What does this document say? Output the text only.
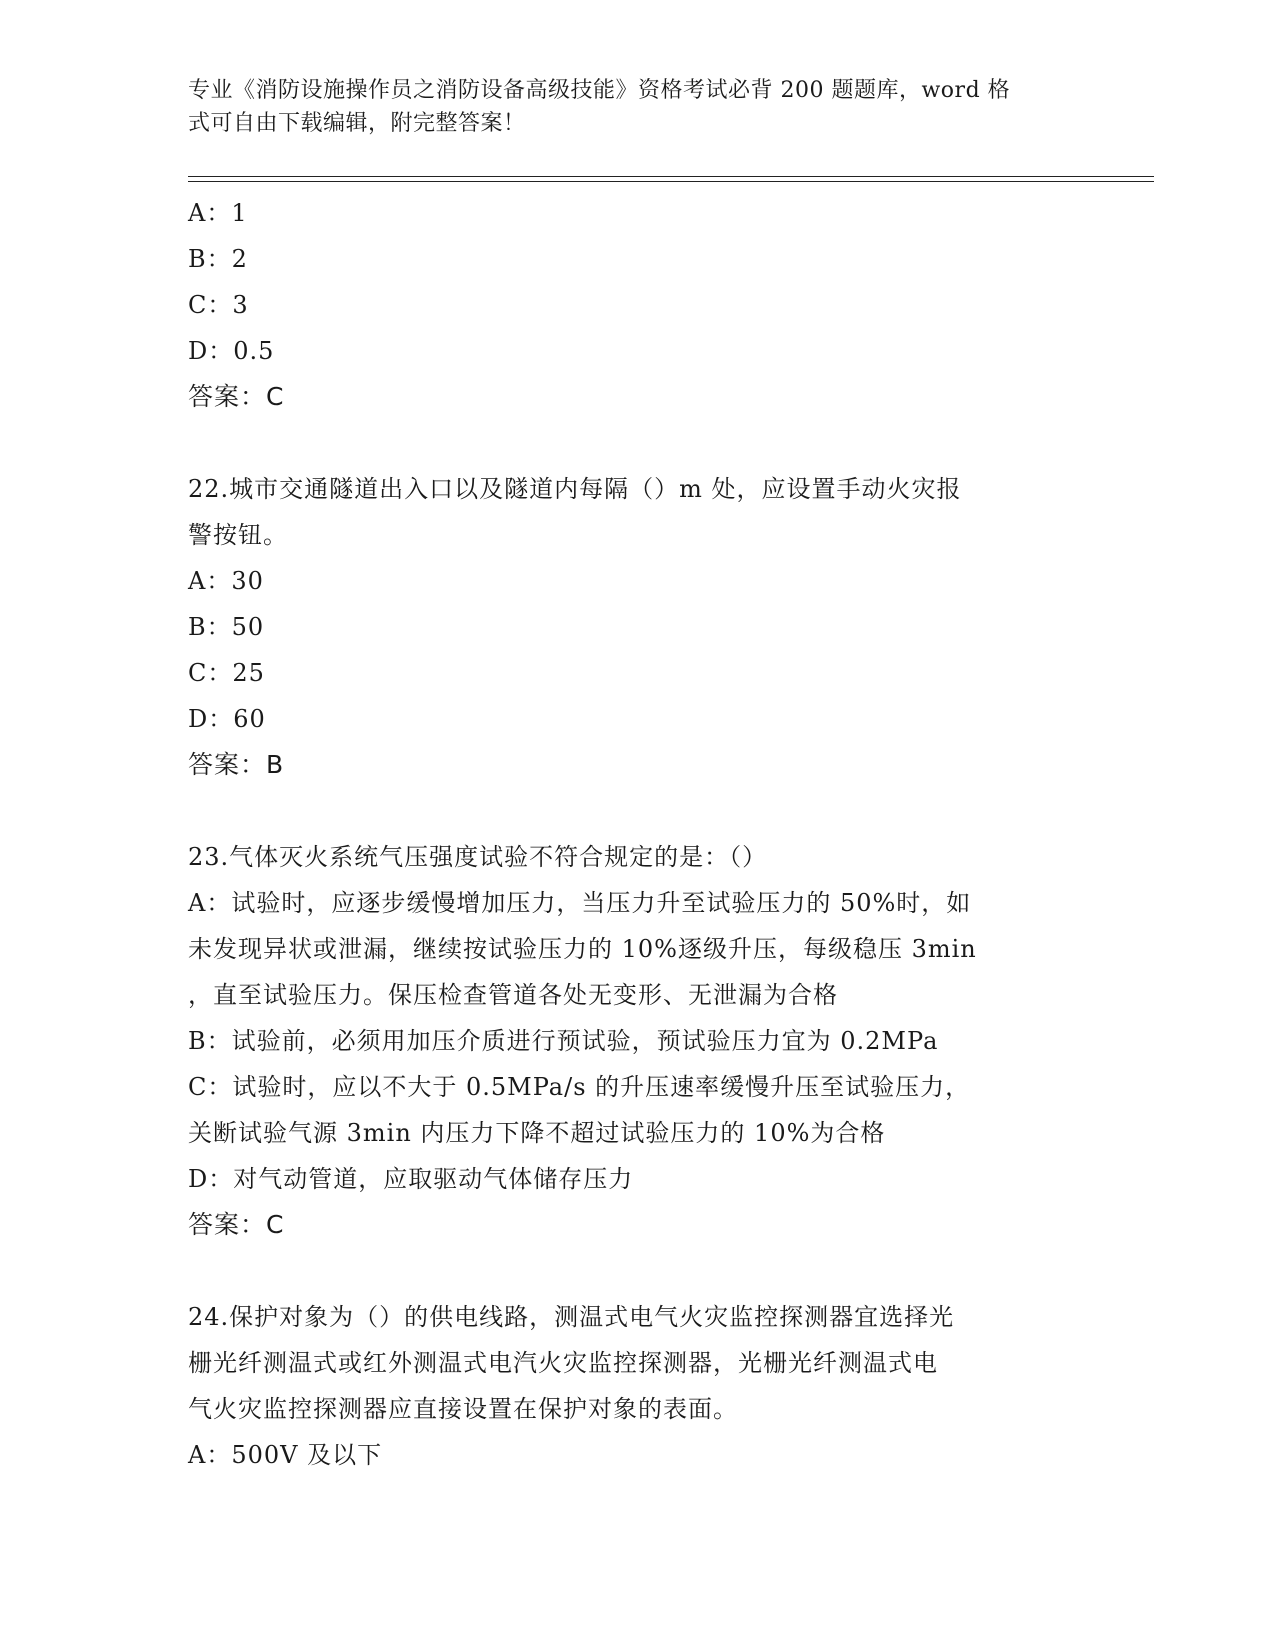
专业《消防设施操作员之消防设备高级技能》资格考试必背 200 题题库，word 格
式可自由下载编辑，附完整答案！
A：1
B：2
C：3
D：0.5
答案：C
22.城市交通隧道出入口以及隧道内每隔（）m 处，应设置手动火灾报
警按钮。
A：30
B：50
C：25
D：60
答案：B
23.气体灭火系统气压强度试验不符合规定的是：（）
A：试验时，应逐步缓慢增加压力，当压力升至试验压力的 50%时，如
未发现异状或泄漏，继续按试验压力的 10%逐级升压，每级稳压 3min
，直至试验压力。保压检查管道各处无变形、无泄漏为合格
B：试验前，必须用加压介质进行预试验，预试验压力宜为 0.2MPa
C：试验时，应以不大于 0.5MPa/s 的升压速率缓慢升压至试验压力，
关断试验气源 3min 内压力下降不超过试验压力的 10%为合格
D：对气动管道，应取驱动气体储存压力
答案：C
24.保护对象为（）的供电线路，测温式电气火灾监控探测器宜选择光
栅光纤测温式或红外测温式电汽火灾监控探测器，光栅光纤测温式电
气火灾监控探测器应直接设置在保护对象的表面。
A：500V 及以下
